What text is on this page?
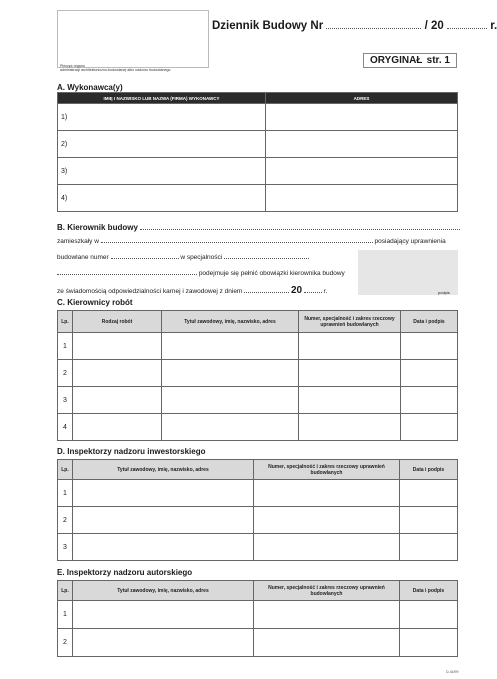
Pieczęć organu
administracji architektoniczno-budowlanej albo nadzoru budowlanego
Dziennik Budowy Nr	/ 20	r.
ORYGINAŁ str. 1
A. Wykonawca(y)
IMIĘ I NAZWISKO LUB NAZWA (FIRMA) WYKONAWCY	ADRES
1)	
2)	
3)	
4)	
B. Kierownik budowy
zamieszkały w	posiadający uprawnienia
budowlane numer	w specjalności
podejmuje się pełnić obowiązki kierownika budowy
ze świadomością odpowiedzialności karnej i zawodowej z dniem	20	r.	podpis
C. Kierownicy robót
Lp.	Rodzaj robót	Tytuł zawodowy, imię, nazwisko, adres	Numer, specjalność i zakres rzeczowy uprawnień budowlanych	Data i podpis
1				
2				
3				
4				
D. Inspektorzy nadzoru inwestorskiego
Lp.	Tytuł zawodowy, imię, nazwisko, adres	Numer, specjalność i zakres rzeczowy uprawnień budowlanych	Data i podpis
1			
2			
3			
E. Inspektorzy nadzoru autorskiego
Lp.	Tytuł zawodowy, imię, nazwisko, adres	Numer, specjalność i zakres rzeczowy uprawnień budowlanych	Data i podpis
1			
2			
D-44/99
